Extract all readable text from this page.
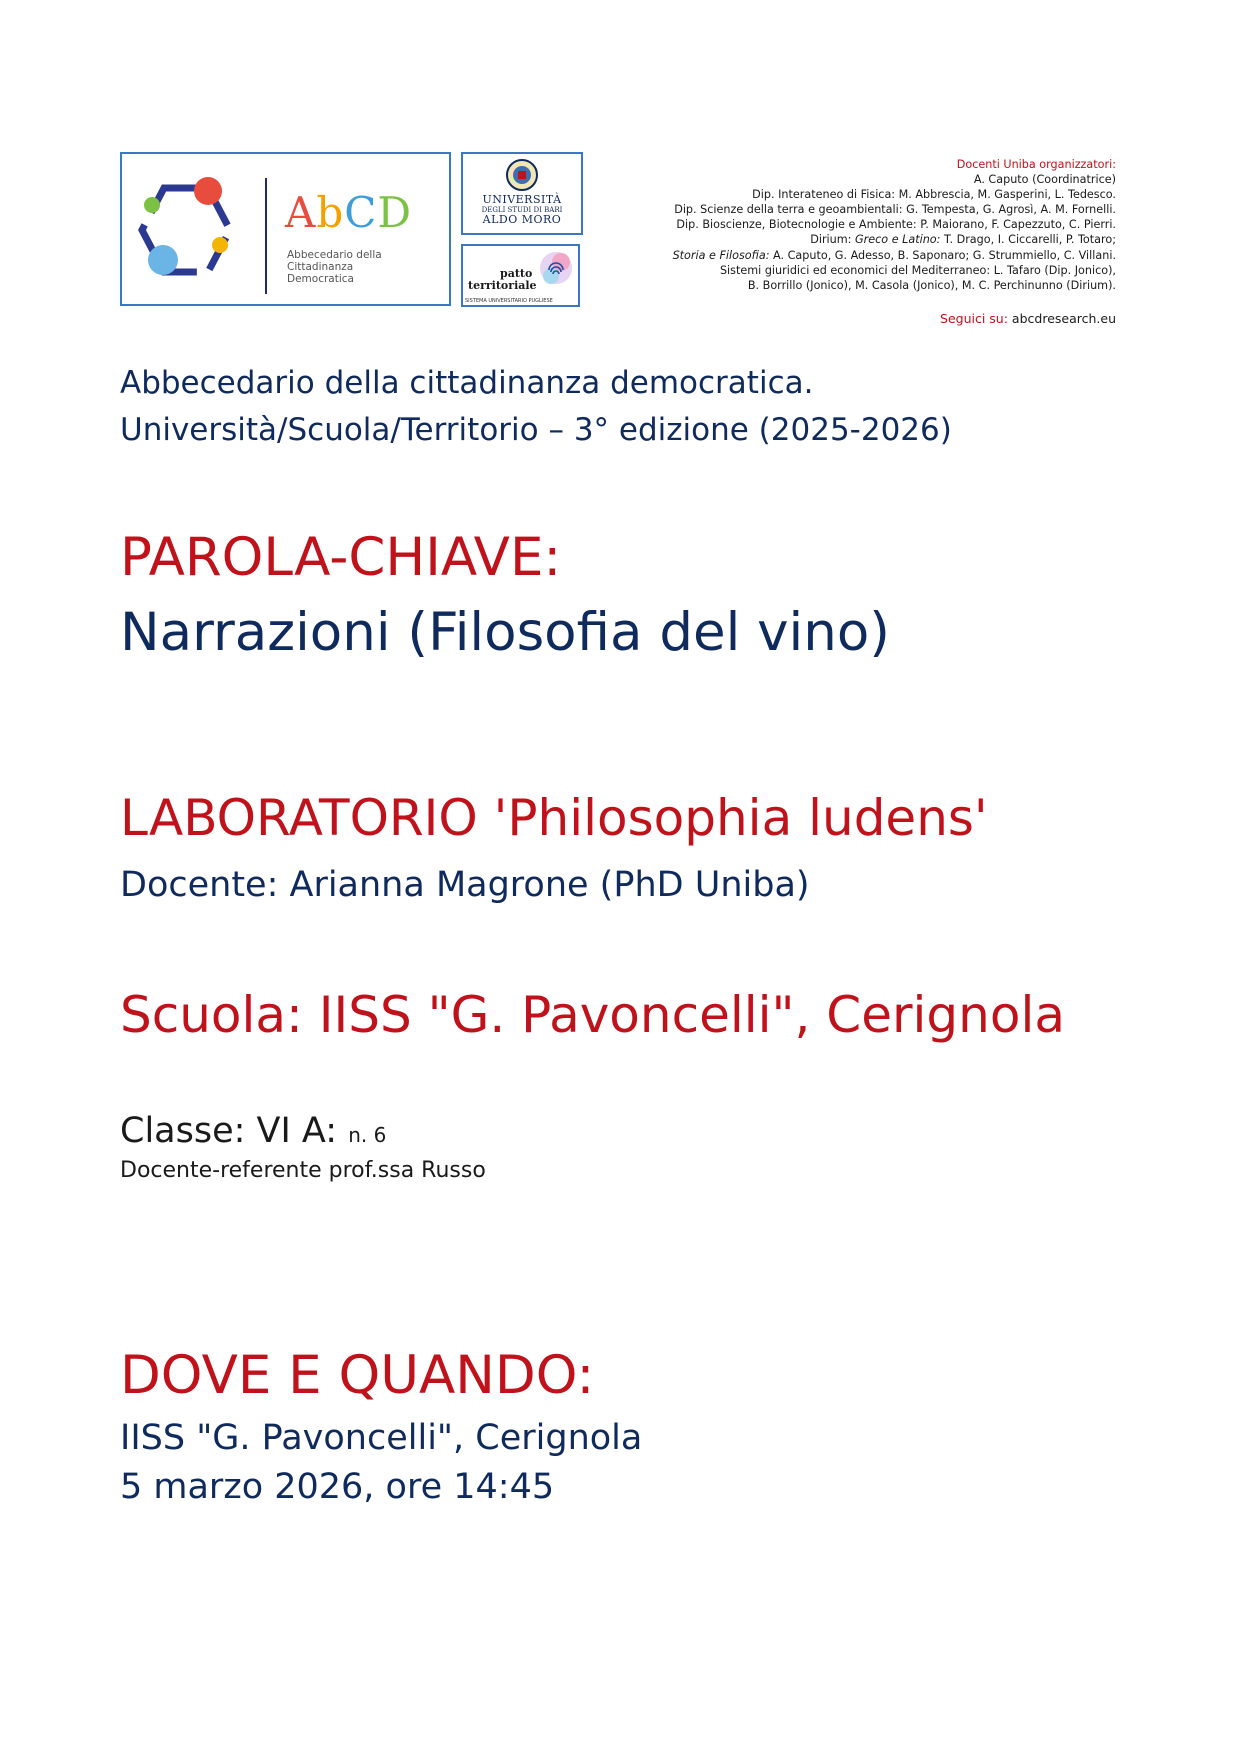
AbCD
Abbecedario della
Cittadinanza
Democratica
UNIVERSITÀ
DEGLI STUDI DI BARI
ALDO MORO
patto
territoriale
SISTEMA UNIVERSITARIO PUGLIESE
Docenti Uniba organizzatori:
A. Caputo (Coordinatrice)
Dip. Interateneo di Fisica: M. Abbrescia, M. Gasperini, L. Tedesco.
Dip. Scienze della terra e geoambientali: G. Tempesta, G. Agrosì, A. M. Fornelli.
Dip. Bioscienze, Biotecnologie e Ambiente: P. Maiorano, F. Capezzuto, C. Pierri.
Dirium: Greco e Latino: T. Drago, I. Ciccarelli, P. Totaro;
Storia e Filosofia: A. Caputo, G. Adesso, B. Saponaro; G. Strummiello, C. Villani.
Sistemi giuridici ed economici del Mediterraneo: L. Tafaro (Dip. Jonico),
B. Borrillo (Jonico), M. Casola (Jonico), M. C. Perchinunno (Dirium).
Seguici su: abcdresearch.eu
Abbecedario della cittadinanza democratica.
Università/Scuola/Territorio – 3° edizione (2025-2026)
PAROLA-CHIAVE:
Narrazioni (Filosofia del vino)
LABORATORIO 'Philosophia ludens'
Docente: Arianna Magrone (PhD Uniba)
Scuola: IISS "G. Pavoncelli", Cerignola
Classe: VI A: n. 6
Docente-referente prof.ssa Russo
DOVE E QUANDO:
IISS "G. Pavoncelli", Cerignola
5 marzo 2026, ore 14:45
